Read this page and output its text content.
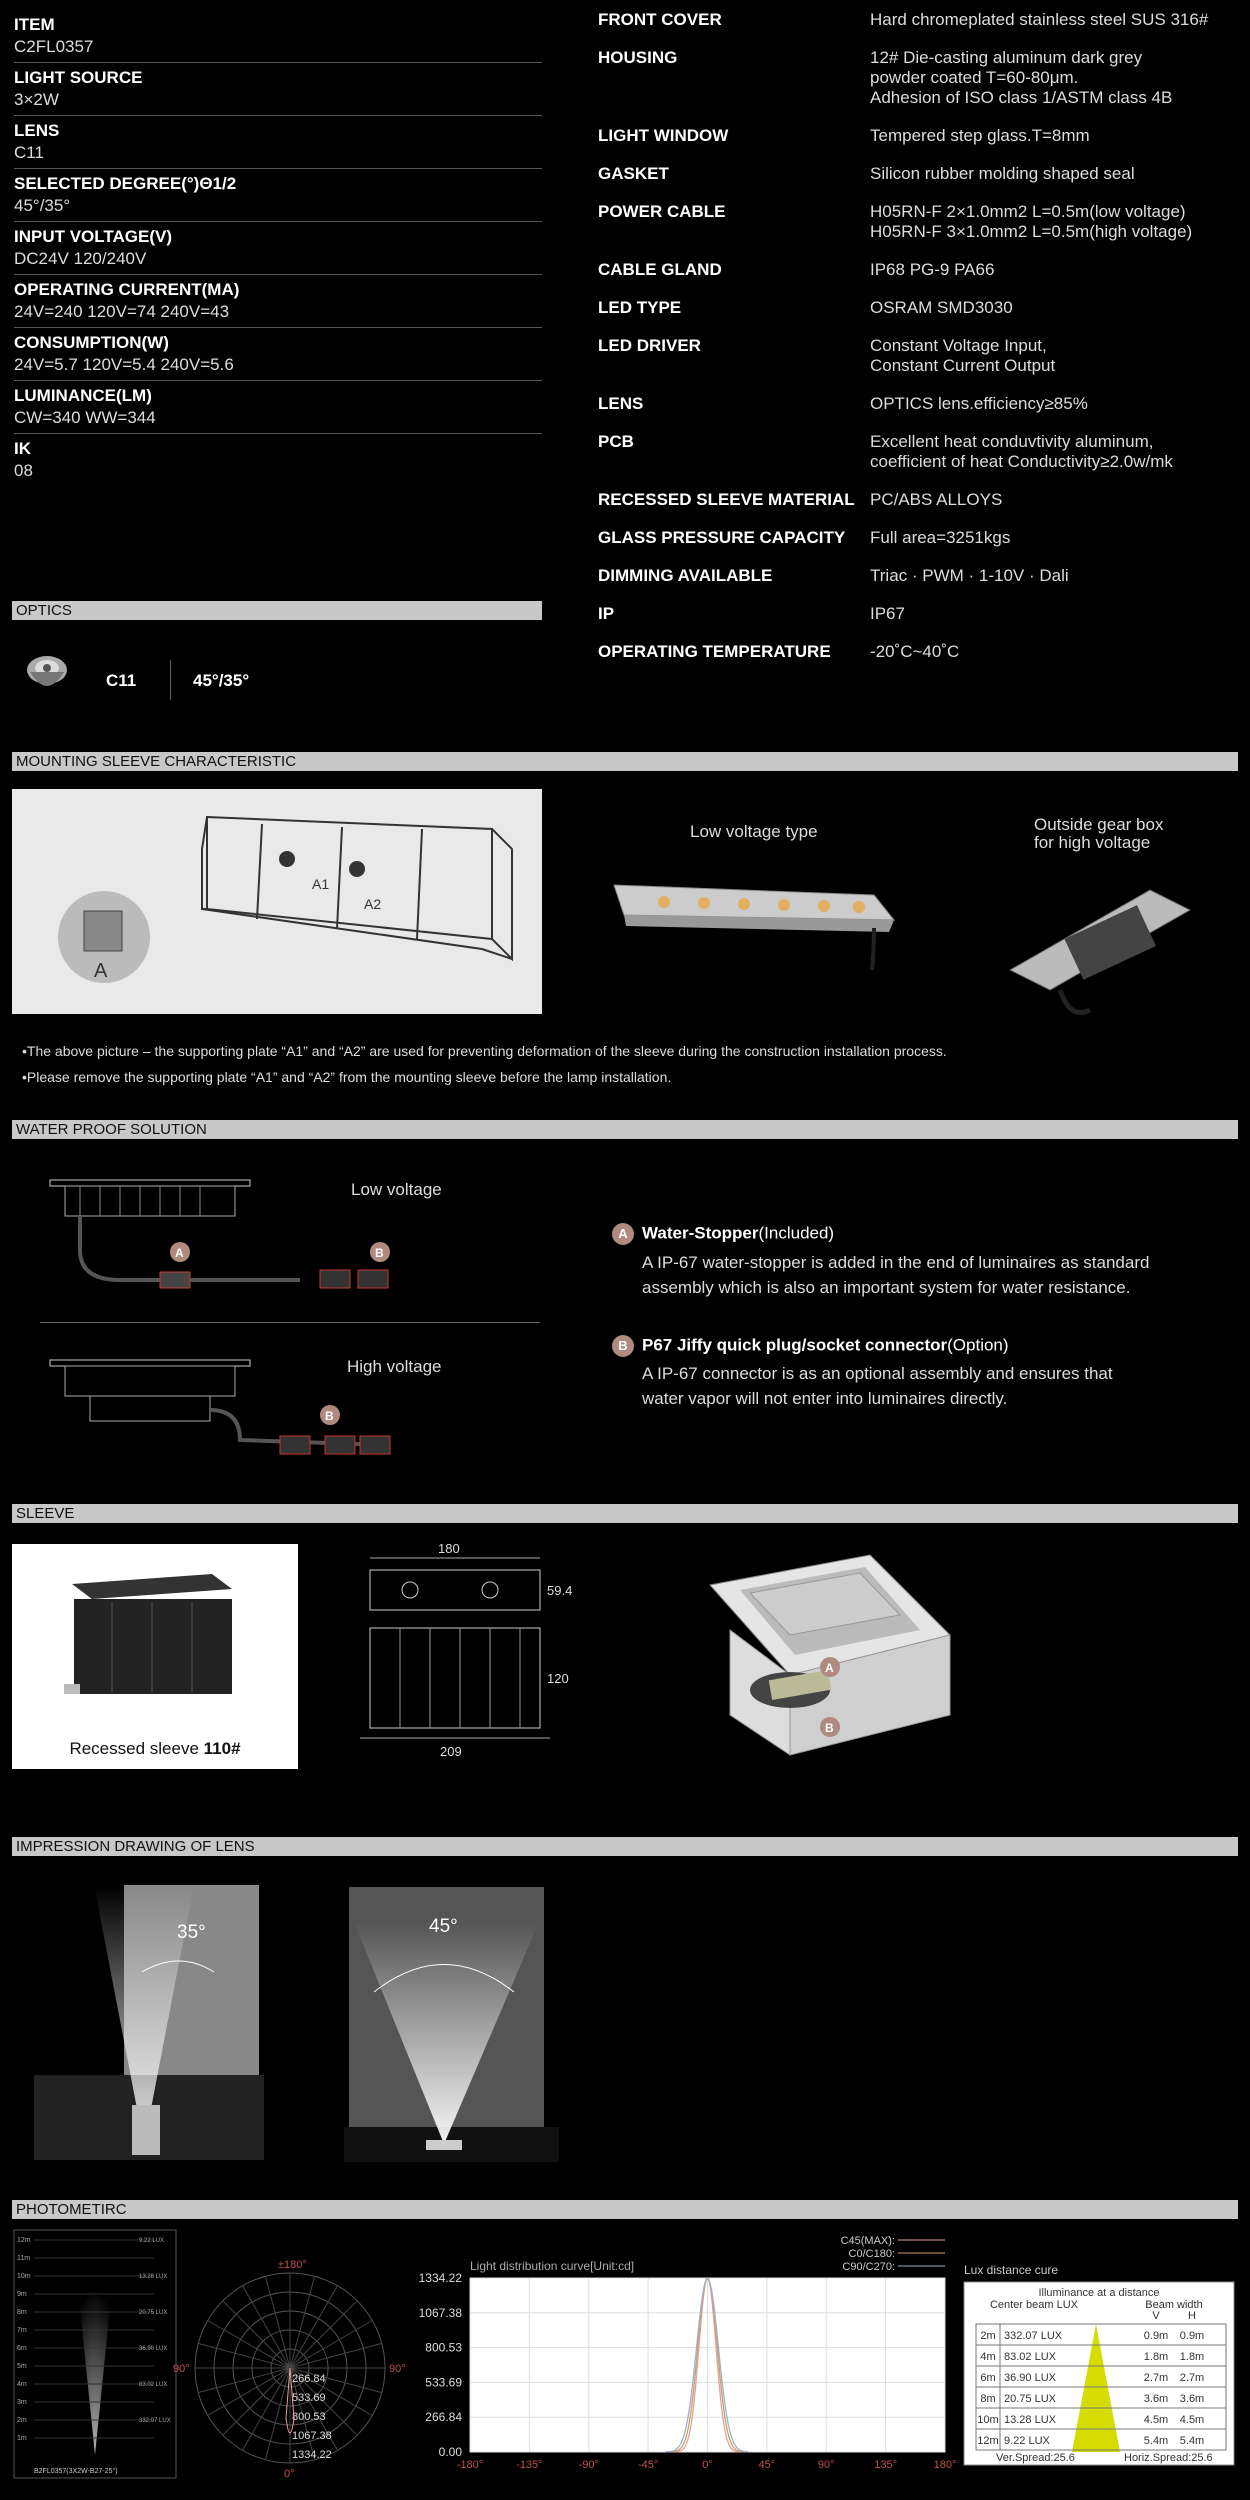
ITEM
C2FL0357
LIGHT SOURCE
3×2W
LENS
C11
SELECTED DEGREE(°)Θ1/2
45°/35°
INPUT VOLTAGE(V)
DC24V 120/240V
OPERATING CURRENT(MA)
24V=240 120V=74 240V=43
CONSUMPTION(W)
24V=5.7 120V=5.4 240V=5.6
LUMINANCE(LM)
CW=340 WW=344
IK
08
FRONT COVER	Hard chromeplated stainless steel SUS 316#
HOUSING	12# Die-casting aluminum dark grey
powder coated T=60-80μm.
Adhesion of ISO class 1/ASTM class 4B
LIGHT WINDOW	Tempered step glass.T=8mm
GASKET	Silicon rubber molding shaped seal
POWER CABLE	H05RN-F 2×1.0mm2 L=0.5m(low voltage)
H05RN-F 3×1.0mm2 L=0.5m(high voltage)
CABLE GLAND	IP68 PG-9 PA66
LED TYPE	OSRAM SMD3030
LED DRIVER	Constant Voltage Input,
Constant Current Output
LENS	OPTICS lens.efficiency≥85%
PCB	Excellent heat conduvtivity aluminum,
coefficient of heat Conductivity≥2.0w/mk
RECESSED SLEEVE MATERIAL PC/ABS ALLOYS
GLASS PRESSURE CAPACITY	Full area=3251kgs
DIMMING AVAILABLE	Triac · PWM · 1-10V · Dali
IP	IP67
OPERATING TEMPERATURE	-20˚C~40˚C
OPTICS
C11	45°/35°
MOUNTING SLEEVE CHARACTERISTIC
A
A1
A2
Low voltage type	Outside gear box
for high voltage
•The above picture – the supporting plate “A1” and “A2” are used for preventing deformation of the sleeve during the construction installation process.
•Please remove the supporting plate “A1” and “A2” from the mounting sleeve before the lamp installation.
WATER PROOF SOLUTION
A	B
Low voltage
B
High voltage
A Water-Stopper(Included)
A IP-67 water-stopper is added in the end of luminaires as standard
assembly which is also an important system for water resistance.
B P67 Jiffy quick plug/socket connector(Option)
A IP-67 connector is as an optional assembly and ensures that
water vapor will not enter into luminaires directly.
SLEEVE
Recessed sleeve 110#
180
59.4
120
209
A
B
IMPRESSION DRAWING OF LENS
35°	45°
PHOTOMETIRC
12m
11m
10m
9m
8m
7m
6m
5m
4m
3m
2m
1m
9.22 LUX
13.28 LUX
20.75 LUX
36.90 LUX
83.02 LUX
332.07 LUX
B2FL0357(3X2W-B27-25°)
±180°
90°	90°
0°
266.84
533.69
800.53
1067.38
1334.22
Light distribution curve[Unit:cd]
C45(MAX):
C0/C180:
C90/C270:
1334.22
1067.38
800.53
533.69
266.84
0.00
-180°	-135°	-90°	-45°	0°	45°	90°	135°	180°
Lux distance cure
Illuminance at a distance
Center beam LUX	Beam width
V	H
2m 332.07 LUX	0.9m 0.9m
4m 83.02 LUX	1.8m 1.8m
6m 36.90 LUX	2.7m 2.7m
8m 20.75 LUX	3.6m 3.6m
10m 13.28 LUX	4.5m 4.5m
12m 9.22 LUX	5.4m 5.4m
Ver.Spread:25.6	Horiz.Spread:25.6
